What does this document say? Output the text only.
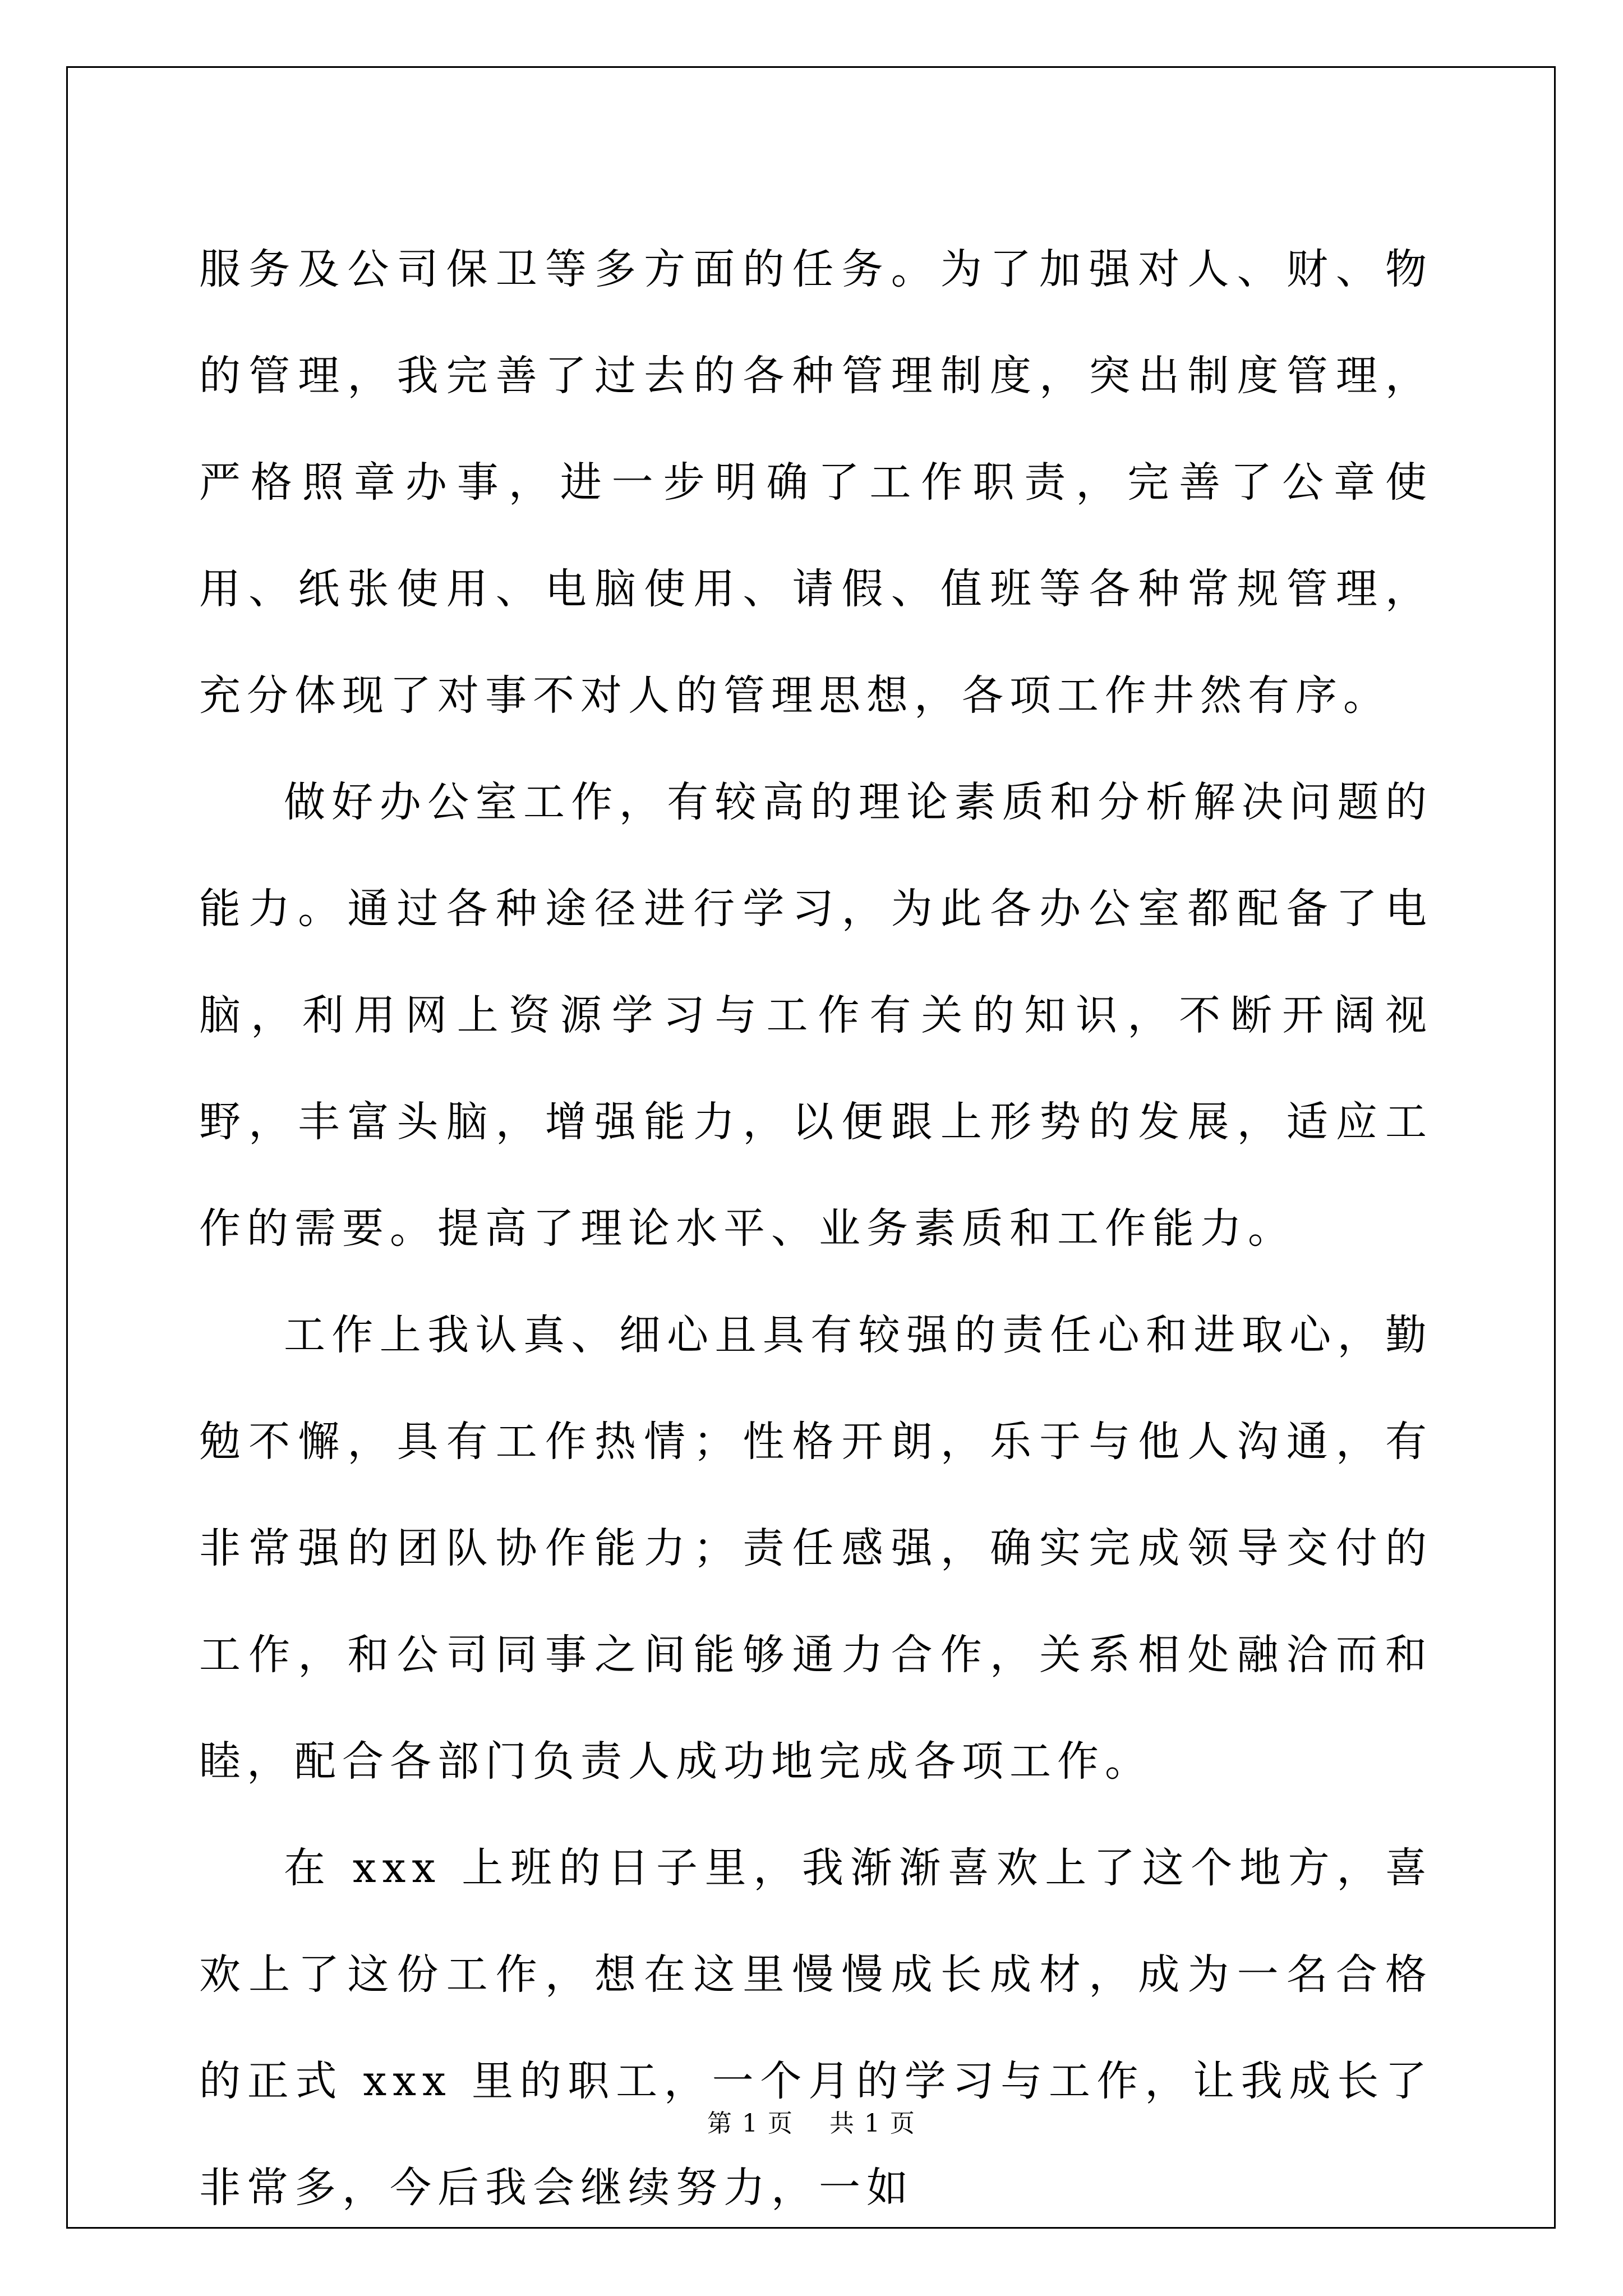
服务及公司保卫等多方面的任务。为了加强对人、财、物的管理，我完善了过去的各种管理制度，突出制度管理，严格照章办事，进一步明确了工作职责，完善了公章使用、纸张使用、电脑使用、请假、值班等各种常规管理，充分体现了对事不对人的管理思想，各项工作井然有序。

做好办公室工作，有较高的理论素质和分析解决问题的能力。通过各种途径进行学习，为此各办公室都配备了电脑，利用网上资源学习与工作有关的知识，不断开阔视野，丰富头脑，增强能力，以便跟上形势的发展，适应工作的需要。提高了理论水平、业务素质和工作能力。

工作上我认真、细心且具有较强的责任心和进取心，勤勉不懈，具有工作热情；性格开朗，乐于与他人沟通，有非常强的团队协作能力；责任感强，确实完成领导交付的工作，和公司同事之间能够通力合作，关系相处融洽而和睦，配合各部门负责人成功地完成各项工作。

在 xxx 上班的日子里，我渐渐喜欢上了这个地方，喜欢上了这份工作，想在这里慢慢成长成材，成为一名合格的正式 xxx 里的职工，一个月的学习与工作，让我成长了非常多，今后我会继续努力，一如

第 1 页 共 1 页
